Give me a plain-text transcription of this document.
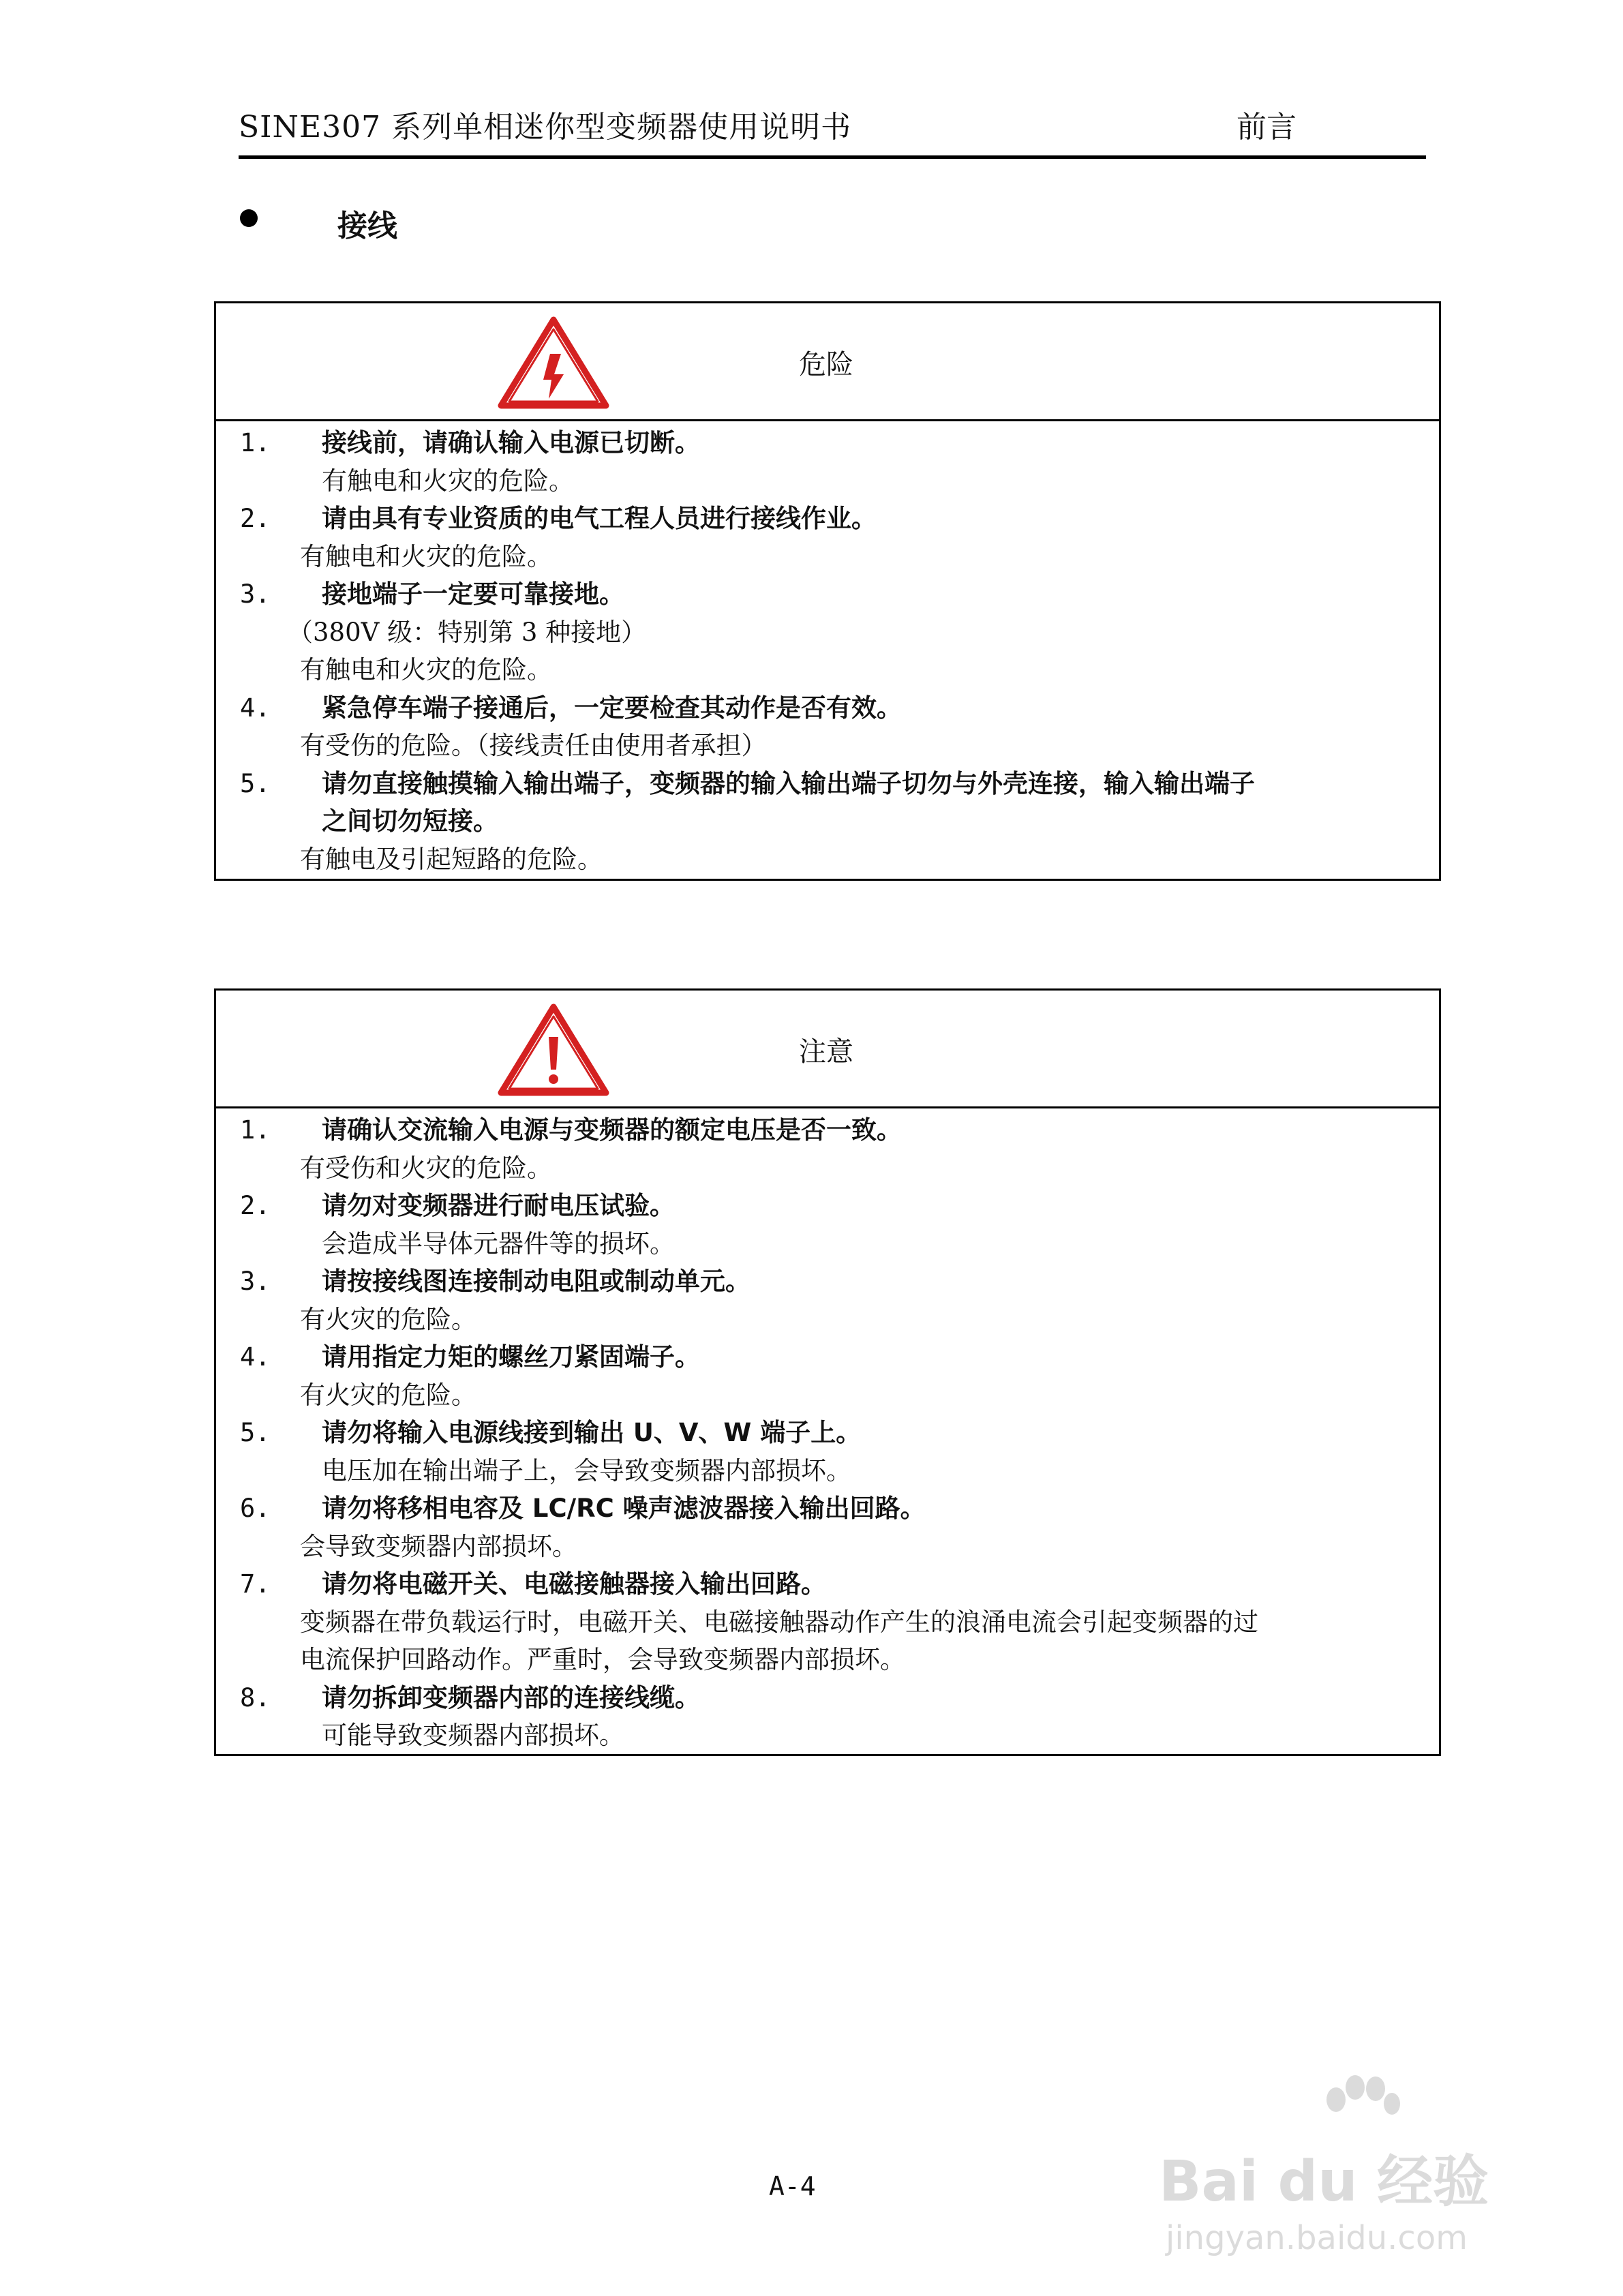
SINE307 系列单相迷你型变频器使用说明书	前言
接线
危险
1. 接线前，请确认输入电源已切断。
有触电和火灾的危险。
2. 请由具有专业资质的电气工程人员进行接线作业。
有触电和火灾的危险。
3. 接地端子一定要可靠接地。
（380V 级：特别第 3 种接地）
有触电和火灾的危险。
4. 紧急停车端子接通后，一定要检查其动作是否有效。
有受伤的危险。（接线责任由使用者承担）
5. 请勿直接触摸输入输出端子，变频器的输入输出端子切勿与外壳连接，输入输出端子
之间切勿短接。
有触电及引起短路的危险。
注意
1. 请确认交流输入电源与变频器的额定电压是否一致。
有受伤和火灾的危险。
2. 请勿对变频器进行耐电压试验。
会造成半导体元器件等的损坏。
3. 请按接线图连接制动电阻或制动单元。
有火灾的危险。
4. 请用指定力矩的螺丝刀紧固端子。
有火灾的危险。
5. 请勿将输入电源线接到输出 U、V、W 端子上。
电压加在输出端子上，会导致变频器内部损坏。
6. 请勿将移相电容及 LC/RC 噪声滤波器接入输出回路。
会导致变频器内部损坏。
7. 请勿将电磁开关、电磁接触器接入输出回路。
变频器在带负载运行时，电磁开关、电磁接触器动作产生的浪涌电流会引起变频器的过
电流保护回路动作。严重时，会导致变频器内部损坏。
8. 请勿拆卸变频器内部的连接线缆。
可能导致变频器内部损坏。
A-4	Bai du 经验
jingyan.baidu.com
